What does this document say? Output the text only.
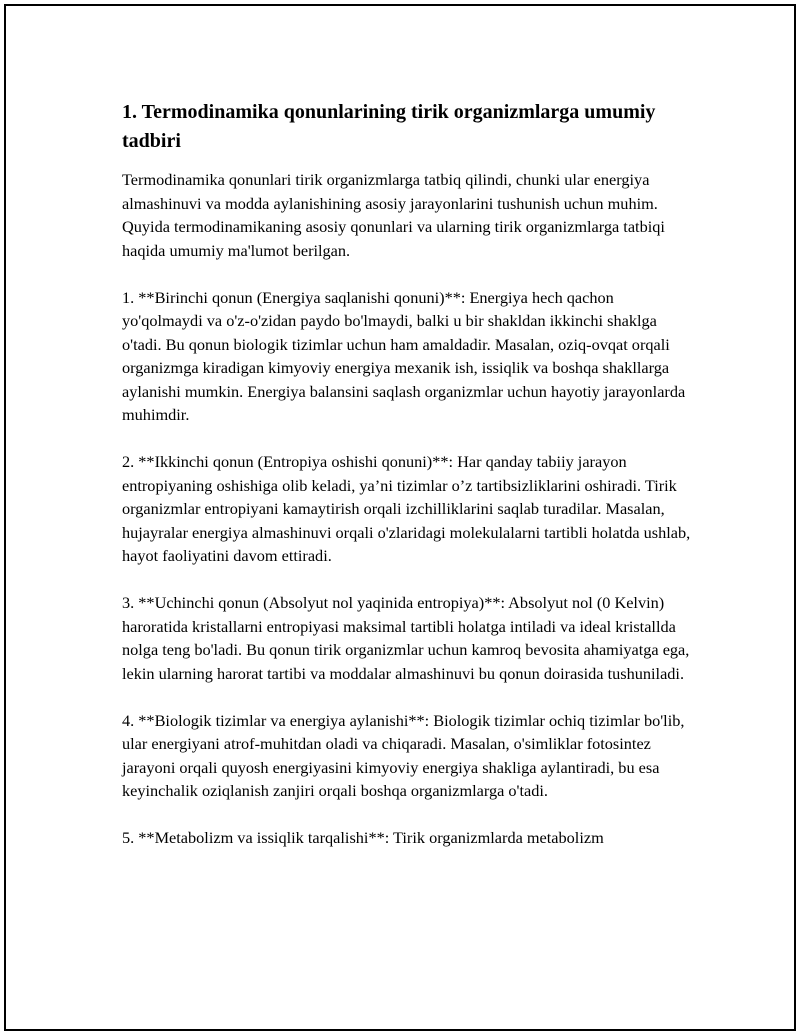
1. Termodinamika qonunlarining tirik organizmlarga umumiy tadbiri

Termodinamika qonunlari tirik organizmlarga tatbiq qilindi, chunki ular energiya almashinuvi va modda aylanishining asosiy jarayonlarini tushunish uchun muhim. Quyida termodinamikaning asosiy qonunlari va ularning tirik organizmlarga tatbiqi haqida umumiy ma'lumot berilgan.

1. **Birinchi qonun (Energiya saqlanishi qonuni)**: Energiya hech qachon yo'qolmaydi va o'z-o'zidan paydo bo'lmaydi, balki u bir shakldan ikkinchi shaklga o'tadi. Bu qonun biologik tizimlar uchun ham amaldadir. Masalan, oziq-ovqat orqali organizmga kiradigan kimyoviy energiya mexanik ish, issiqlik va boshqa shakllarga aylanishi mumkin. Energiya balansini saqlash organizmlar uchun hayotiy jarayonlarda muhimdir.

2. **Ikkinchi qonun (Entropiya oshishi qonuni)**: Har qanday tabiiy jarayon entropiyaning oshishiga olib keladi, ya’ni tizimlar o’z tartibsizliklarini oshiradi. Tirik organizmlar entropiyani kamaytirish orqali izchilliklarini saqlab turadilar. Masalan, hujayralar energiya almashinuvi orqali o'zlaridagi molekulalarni tartibli holatda ushlab, hayot faoliyatini davom ettiradi.

3. **Uchinchi qonun (Absolyut nol yaqinida entropiya)**: Absolyut nol (0 Kelvin) haroratida kristallarni entropiyasi maksimal tartibli holatga intiladi va ideal kristallda nolga teng bo'ladi. Bu qonun tirik organizmlar uchun kamroq bevosita ahamiyatga ega, lekin ularning harorat tartibi va moddalar almashinuvi bu qonun doirasida tushuniladi.

4. **Biologik tizimlar va energiya aylanishi**: Biologik tizimlar ochiq tizimlar bo'lib, ular energiyani atrof-muhitdan oladi va chiqaradi. Masalan, o'simliklar fotosintez jarayoni orqali quyosh energiyasini kimyoviy energiya shakliga aylantiradi, bu esa keyinchalik oziqlanish zanjiri orqali boshqa organizmlarga o'tadi.

5. **Metabolizm va issiqlik tarqalishi**: Tirik organizmlarda metabolizm
